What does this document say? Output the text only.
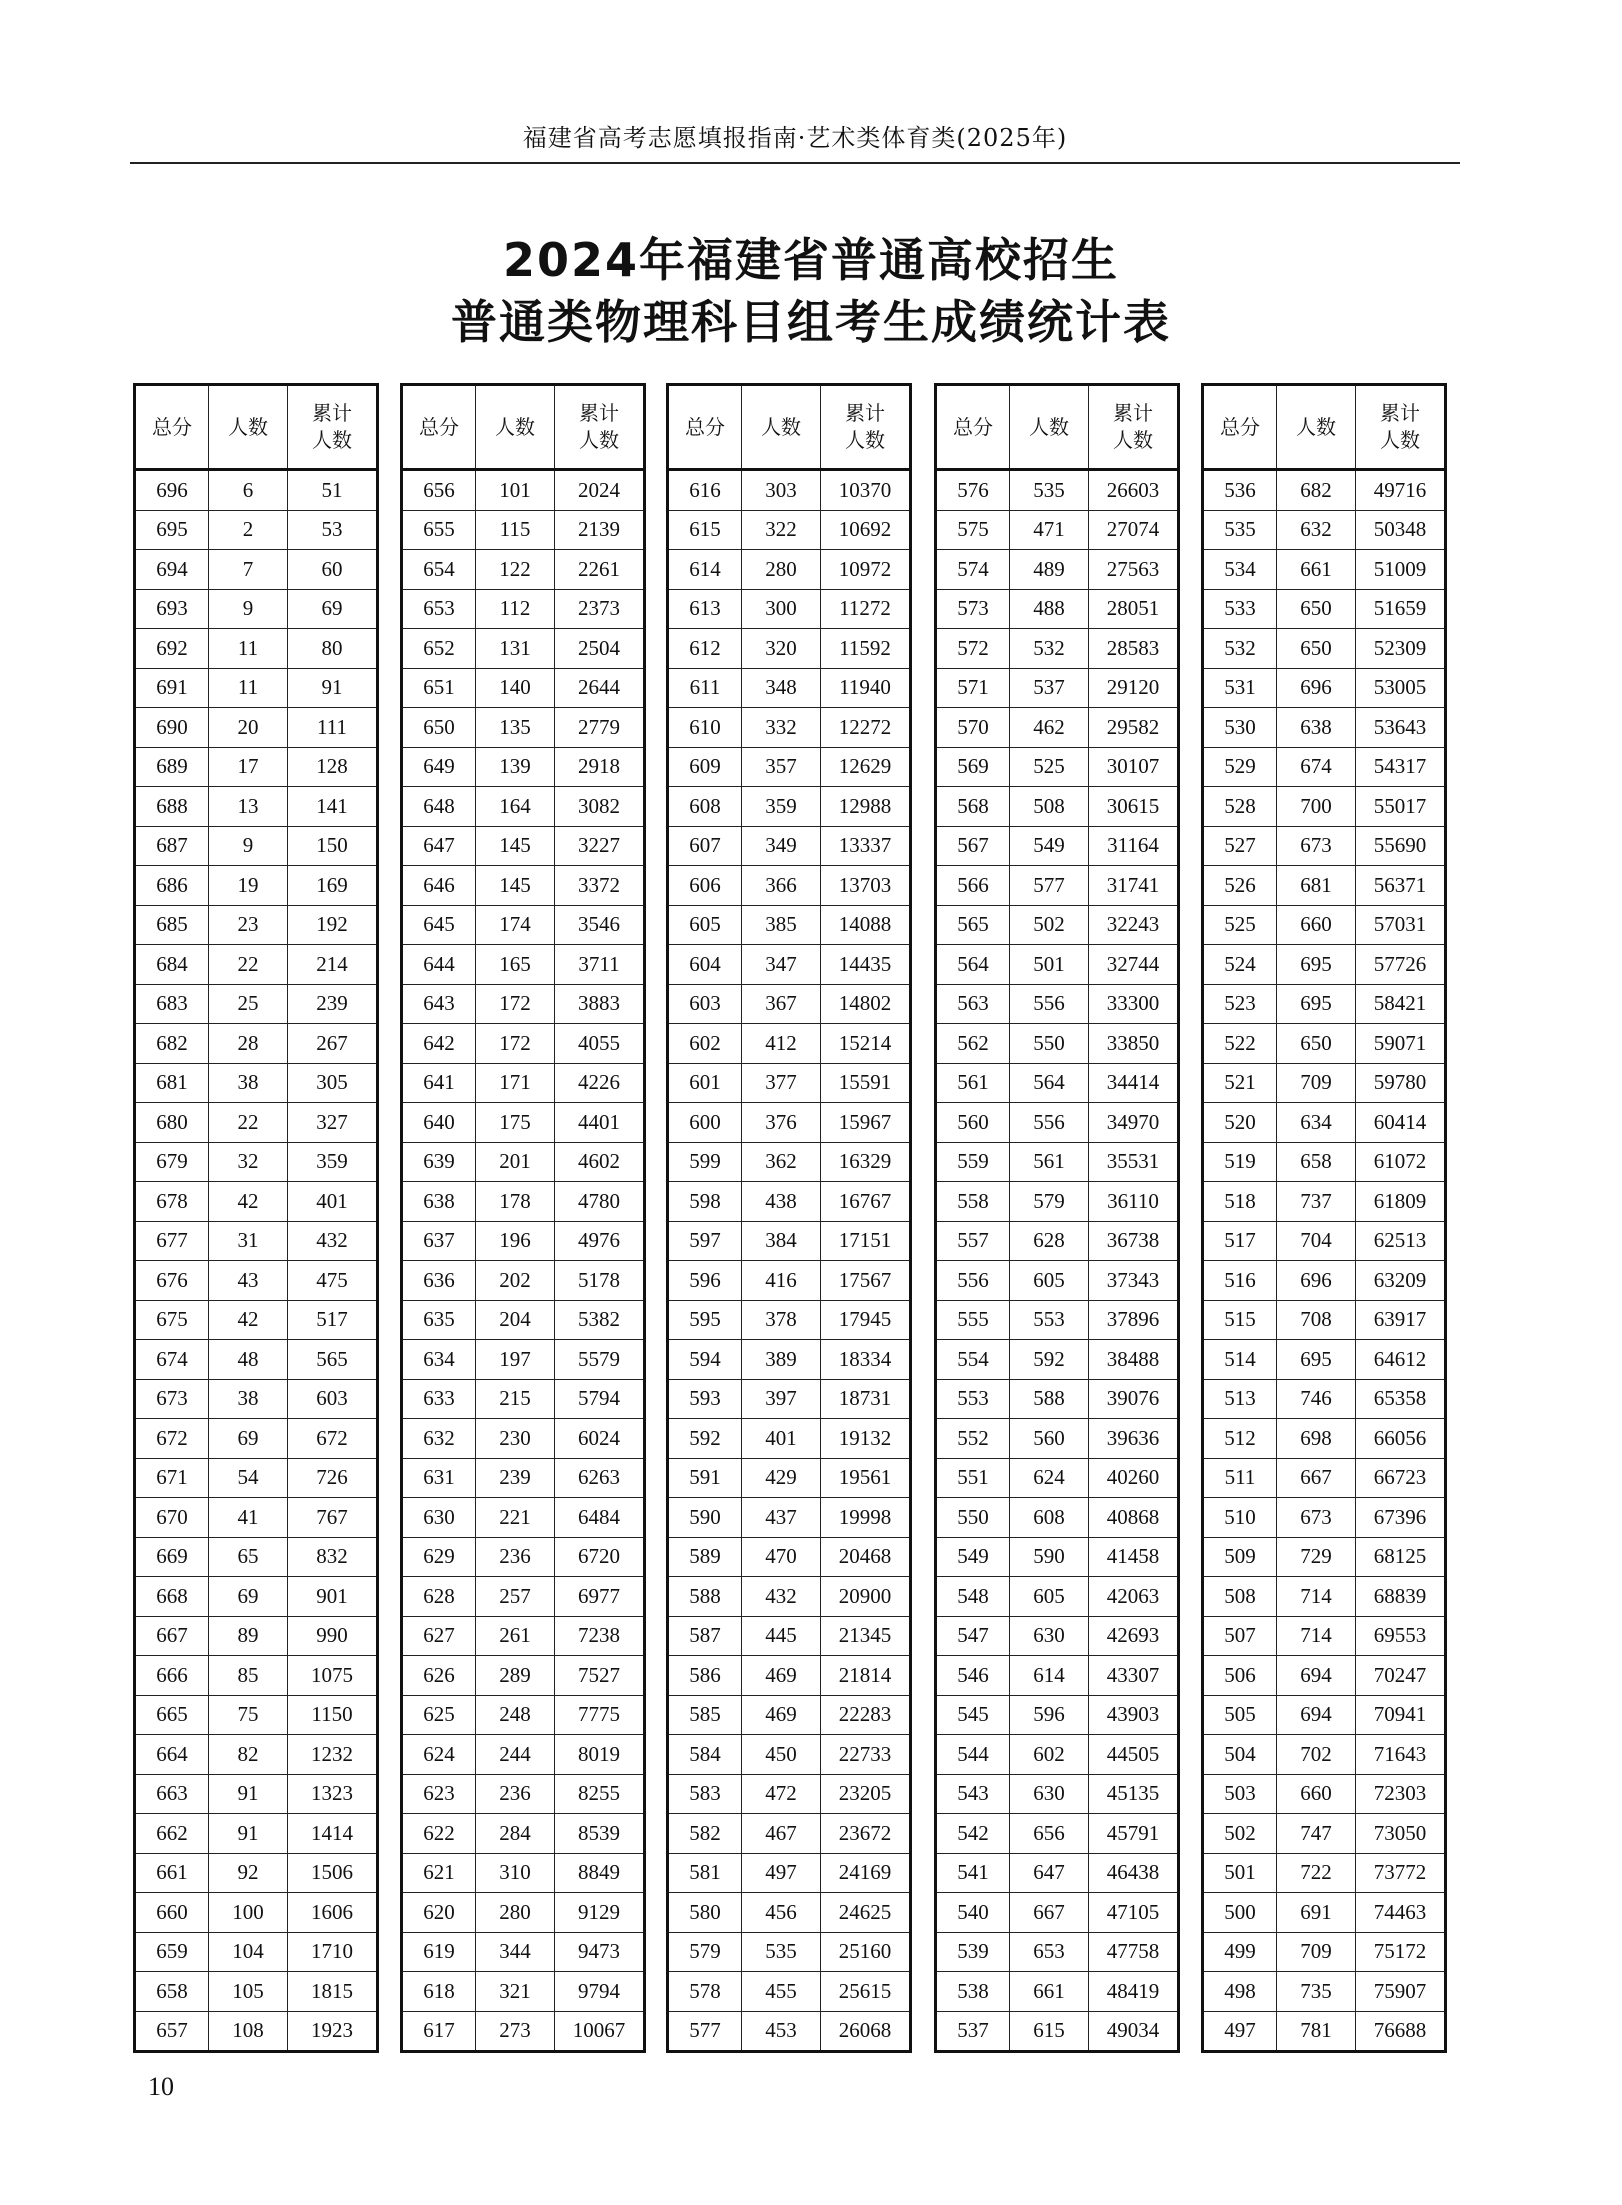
福建省高考志愿填报指南·艺术类体育类(2025年)
2024年福建省普通高校招生
普通类物理科目组考生成绩统计表
总分	人数	累计
人数
696	6	51
695	2	53
694	7	60
693	9	69
692	11	80
691	11	91
690	20	111
689	17	128
688	13	141
687	9	150
686	19	169
685	23	192
684	22	214
683	25	239
682	28	267
681	38	305
680	22	327
679	32	359
678	42	401
677	31	432
676	43	475
675	42	517
674	48	565
673	38	603
672	69	672
671	54	726
670	41	767
669	65	832
668	69	901
667	89	990
666	85	1075
665	75	1150
664	82	1232
663	91	1323
662	91	1414
661	92	1506
660	100	1606
659	104	1710
658	105	1815
657	108	1923
总分	人数	累计
人数
656	101	2024
655	115	2139
654	122	2261
653	112	2373
652	131	2504
651	140	2644
650	135	2779
649	139	2918
648	164	3082
647	145	3227
646	145	3372
645	174	3546
644	165	3711
643	172	3883
642	172	4055
641	171	4226
640	175	4401
639	201	4602
638	178	4780
637	196	4976
636	202	5178
635	204	5382
634	197	5579
633	215	5794
632	230	6024
631	239	6263
630	221	6484
629	236	6720
628	257	6977
627	261	7238
626	289	7527
625	248	7775
624	244	8019
623	236	8255
622	284	8539
621	310	8849
620	280	9129
619	344	9473
618	321	9794
617	273	10067
总分	人数	累计
人数
616	303	10370
615	322	10692
614	280	10972
613	300	11272
612	320	11592
611	348	11940
610	332	12272
609	357	12629
608	359	12988
607	349	13337
606	366	13703
605	385	14088
604	347	14435
603	367	14802
602	412	15214
601	377	15591
600	376	15967
599	362	16329
598	438	16767
597	384	17151
596	416	17567
595	378	17945
594	389	18334
593	397	18731
592	401	19132
591	429	19561
590	437	19998
589	470	20468
588	432	20900
587	445	21345
586	469	21814
585	469	22283
584	450	22733
583	472	23205
582	467	23672
581	497	24169
580	456	24625
579	535	25160
578	455	25615
577	453	26068
总分	人数	累计
人数
576	535	26603
575	471	27074
574	489	27563
573	488	28051
572	532	28583
571	537	29120
570	462	29582
569	525	30107
568	508	30615
567	549	31164
566	577	31741
565	502	32243
564	501	32744
563	556	33300
562	550	33850
561	564	34414
560	556	34970
559	561	35531
558	579	36110
557	628	36738
556	605	37343
555	553	37896
554	592	38488
553	588	39076
552	560	39636
551	624	40260
550	608	40868
549	590	41458
548	605	42063
547	630	42693
546	614	43307
545	596	43903
544	602	44505
543	630	45135
542	656	45791
541	647	46438
540	667	47105
539	653	47758
538	661	48419
537	615	49034
总分	人数	累计
人数
536	682	49716
535	632	50348
534	661	51009
533	650	51659
532	650	52309
531	696	53005
530	638	53643
529	674	54317
528	700	55017
527	673	55690
526	681	56371
525	660	57031
524	695	57726
523	695	58421
522	650	59071
521	709	59780
520	634	60414
519	658	61072
518	737	61809
517	704	62513
516	696	63209
515	708	63917
514	695	64612
513	746	65358
512	698	66056
511	667	66723
510	673	67396
509	729	68125
508	714	68839
507	714	69553
506	694	70247
505	694	70941
504	702	71643
503	660	72303
502	747	73050
501	722	73772
500	691	74463
499	709	75172
498	735	75907
497	781	76688
10
